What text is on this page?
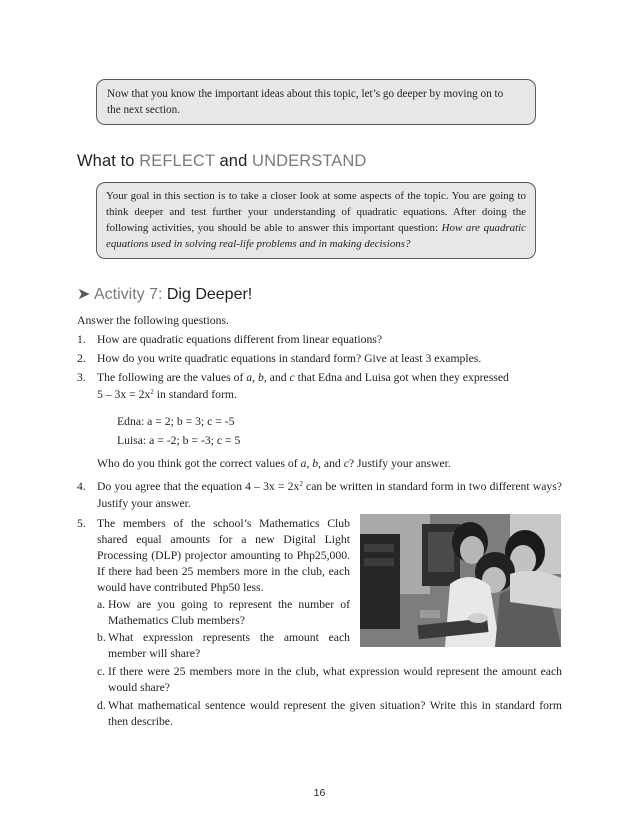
Now that you know the important ideas about this topic, let’s go deeper by moving on to
the next section.
What to REFLECT and UNDERSTAND
Your goal in this section is to take a closer look at some aspects of the topic. You are going to think deeper and test further your understanding of quadratic equations. After doing the following activities, you should be able to answer this important question: How are quadratic equations used in solving real-life problems and in making decisions?
➤ Activity 7: Dig Deeper!
Answer the following questions.
1. How are quadratic equations different from linear equations?
2. How do you write quadratic equations in standard form? Give at least 3 examples.
3. The following are the values of a, b, and c that Edna and Luisa got when they expressed
$5 - 3x = 2x^2$ in standard form.
Edna: a = 2; b = 3; c = -5
Luisa: a = -2; b = -3; c = 5
Who do you think got the correct values of a, b, and c? Justify your answer.
4. Do you agree that the equation $4 - 3x = 2x^2$ can be written in standard form in two different ways? Justify your answer.
5. The members of the school’s Mathematics Club shared equal amounts for a new Digital Light Processing (DLP) projector amounting to Php25,000. If there had been 25 members more in the club, each would have contributed Php50 less.
a. How are you going to represent the number of Mathematics Club members?
b. What expression represents the amount each member will share?
c. If there were 25 members more in the club, what expression would represent the amount each would share?
d. What mathematical sentence would represent the given situation? Write this in standard form then describe.
16
